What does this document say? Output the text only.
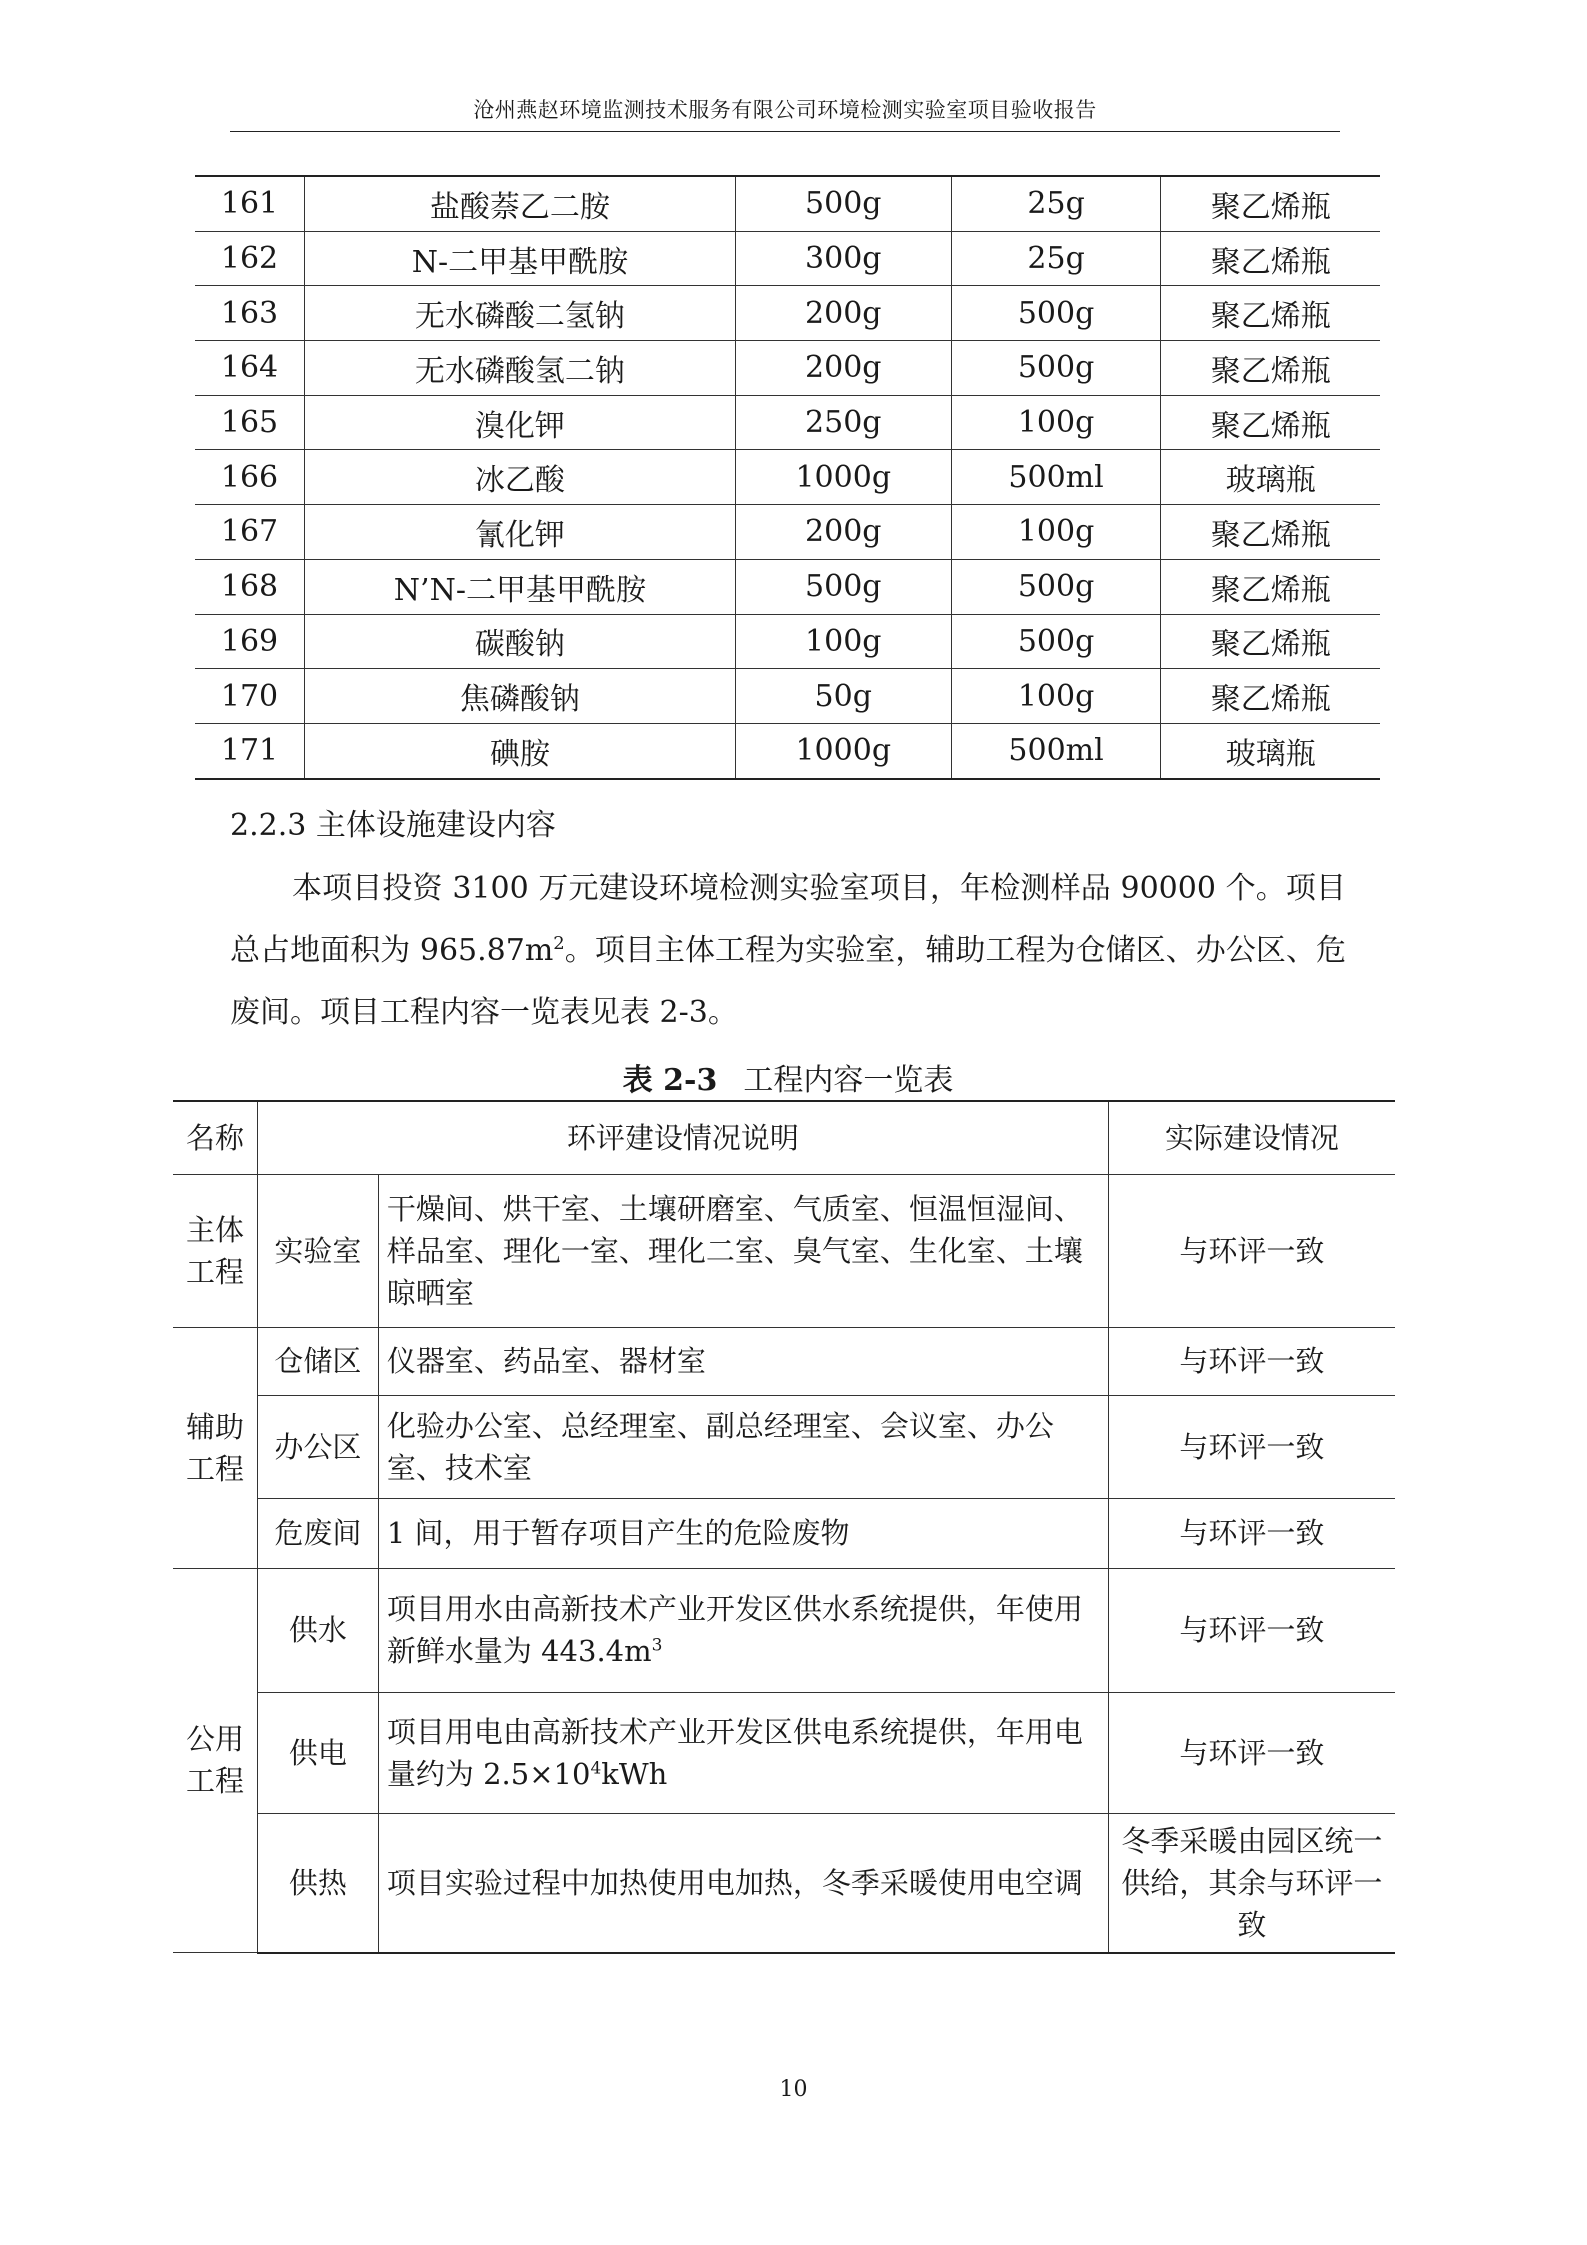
沧州燕赵环境监测技术服务有限公司环境检测实验室项目验收报告
161	盐酸萘乙二胺	500g	25g	聚乙烯瓶
162	N-二甲基甲酰胺	300g	25g	聚乙烯瓶
163	无水磷酸二氢钠	200g	500g	聚乙烯瓶
164	无水磷酸氢二钠	200g	500g	聚乙烯瓶
165	溴化钾	250g	100g	聚乙烯瓶
166	冰乙酸	1000g	500ml	玻璃瓶
167	氰化钾	200g	100g	聚乙烯瓶
168	N’N-二甲基甲酰胺	500g	500g	聚乙烯瓶
169	碳酸钠	100g	500g	聚乙烯瓶
170	焦磷酸钠	50g	100g	聚乙烯瓶
171	碘胺	1000g	500ml	玻璃瓶
2.2.3 主体设施建设内容
本项目投资 3100 万元建设环境检测实验室项目，年检测样品 90000 个。项目总占地面积为 $965.87m^2$。项目主体工程为实验室，辅助工程为仓储区、办公区、危废间。项目工程内容一览表见表 2-3。
表 2-3 工程内容一览表
名称	环评建设情况说明		实际建设情况
主体工程	实验室	干燥间、烘干室、土壤研磨室、气质室、恒温恒湿间、样品室、理化一室、理化二室、臭气室、生化室、土壤晾晒室	与环评一致
辅助工程	仓储区	仪器室、药品室、器材室	与环评一致
	办公区	化验办公室、总经理室、副总经理室、会议室、办公室、技术室	与环评一致
	危废间	1 间，用于暂存项目产生的危险废物	与环评一致
公用工程	供水	项目用水由高新技术产业开发区供水系统提供，年使用新鲜水量为 $443.4m^3$	与环评一致
	供电	项目用电由高新技术产业开发区供电系统提供，年用电量约为 $2.5\times 10^4kWh$	与环评一致
	供热	项目实验过程中加热使用电加热，冬季采暖使用电空调	冬季采暖由园区统一供给，其余与环评一致
10
